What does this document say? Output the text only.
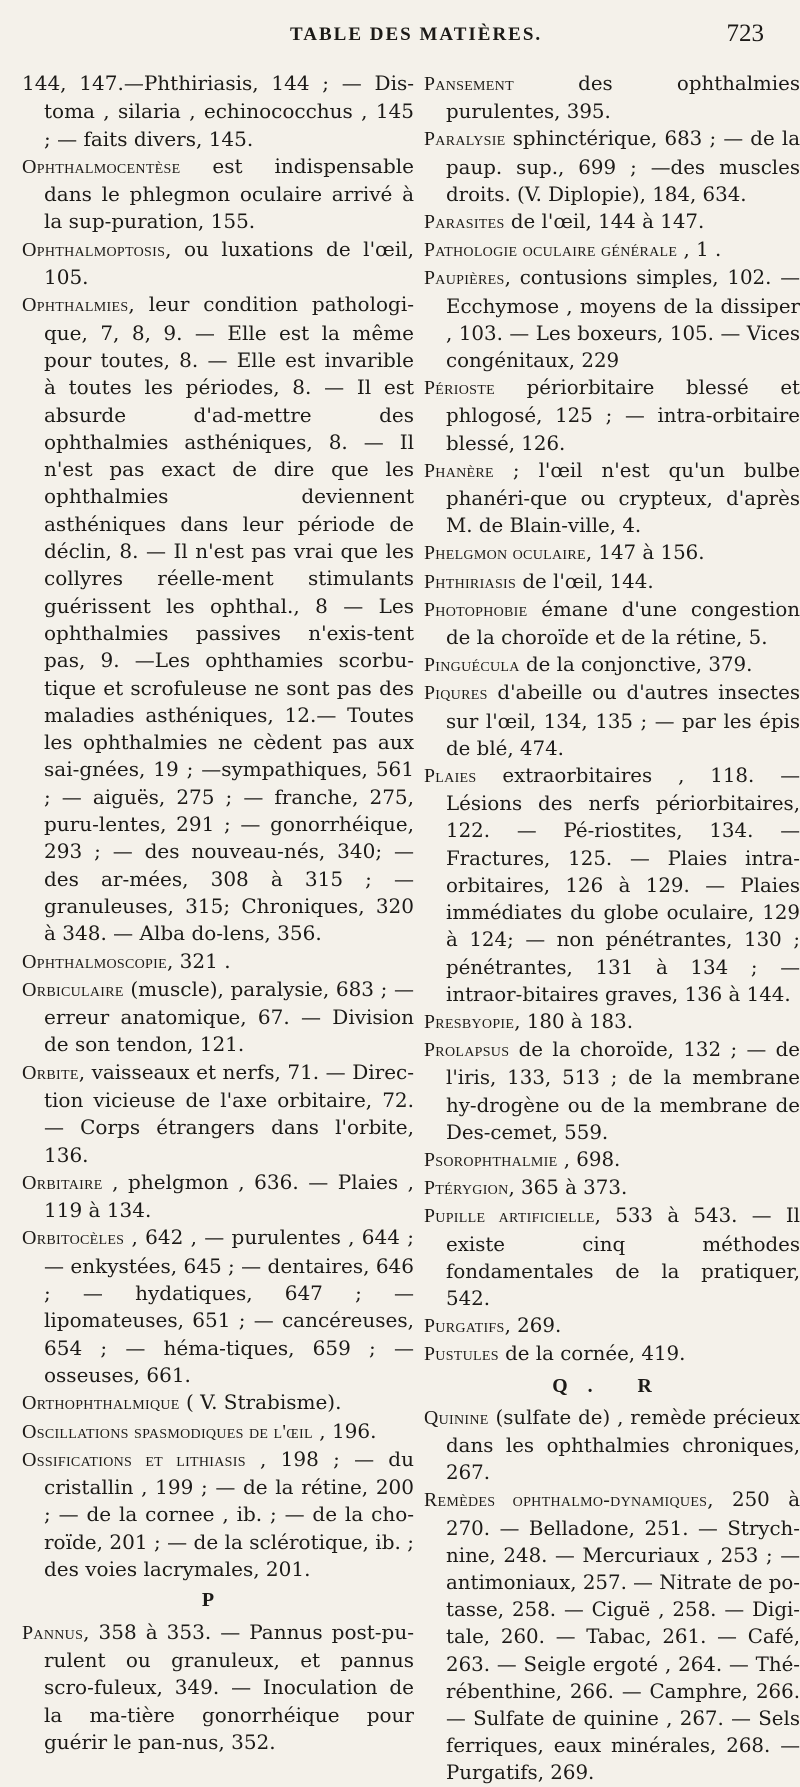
TABLE DES MATIÈRES.	723

144, 147.—Phthiriasis, 144 ; — Dis-toma , silaria , echinococchus , 145 ; — faits divers, 145.

Ophthalmocentèse est indispensable dans le phlegmon oculaire arrivé à la sup-puration, 155.

Ophthalmoptosis, ou luxations de l'œil, 105.

Ophthalmies, leur condition pathologi-que, 7, 8, 9. — Elle est la même pour toutes, 8. — Elle est invarible à toutes les périodes, 8. — Il est absurde d'ad-mettre des ophthalmies asthéniques, 8. — Il n'est pas exact de dire que les ophthalmies deviennent asthéniques dans leur période de déclin, 8. — Il n'est pas vrai que les collyres réelle-ment stimulants guérissent les ophthal., 8 — Les ophthalmies passives n'exis-tent pas, 9. —Les ophthamies scorbu-tique et scrofuleuse ne sont pas des maladies asthéniques, 12.— Toutes les ophthalmies ne cèdent pas aux sai-gnées, 19 ; —sympathiques, 561 ; — aiguës, 275 ; — franche, 275, puru-lentes, 291 ; — gonorrhéique, 293 ; — des nouveau-nés, 340; — des ar-mées, 308 à 315 ; —granuleuses, 315; Chroniques, 320 à 348. — Alba do-lens, 356.

Ophthalmoscopie, 321 .

Orbiculaire (muscle), paralysie, 683 ; — erreur anatomique, 67. — Division de son tendon, 121.

Orbite, vaisseaux et nerfs, 71. — Direc-tion vicieuse de l'axe orbitaire, 72.— Corps étrangers dans l'orbite, 136.

Orbitaire , phelgmon , 636. — Plaies , 119 à 134.

Orbitocèles , 642 , — purulentes , 644 ; — enkystées, 645 ; — dentaires, 646 ; — hydatiques, 647 ; — lipomateuses, 651 ; — cancéreuses, 654 ; — héma-tiques, 659 ; — osseuses, 661.

Orthophthalmique ( V. Strabisme).

Oscillations spasmodiques de l'œil , 196.

Ossifications et lithiasis , 198 ; — du cristallin , 199 ; — de la rétine, 200 ; — de la cornee , ib. ; — de la cho-roïde, 201 ; — de la sclérotique, ib. ; des voies lacrymales, 201.

P

Pannus, 358 à 353. — Pannus post-pu-rulent ou granuleux, et pannus scro-fuleux, 349. — Inoculation de la ma-tière gonorrhéique pour guérir le pan-nus, 352.

Pansement des ophthalmies purulentes, 395.

Paralysie sphinctérique, 683 ; — de la paup. sup., 699 ; —des muscles droits. (V. Diplopie), 184, 634.

Parasites de l'œil, 144 à 147.

Pathologie oculaire générale , 1 .

Paupières, contusions simples, 102. — Ecchymose , moyens de la dissiper , 103. — Les boxeurs, 105. — Vices congénitaux, 229

Périoste périorbitaire blessé et phlogosé, 125 ; — intra-orbitaire blessé, 126.

Phanère ; l'œil n'est qu'un bulbe phanéri-que ou crypteux, d'après M. de Blain-ville, 4.

Phelgmon oculaire, 147 à 156.

Phthiriasis de l'œil, 144.

Photophobie émane d'une congestion de la choroïde et de la rétine, 5.

Pinguécula de la conjonctive, 379.

Piqures d'abeille ou d'autres insectes sur l'œil, 134, 135 ; — par les épis de blé, 474.

Plaies extraorbitaires , 118. — Lésions des nerfs périorbitaires, 122. — Pé-riostites, 134. — Fractures, 125. — Plaies intra-orbitaires, 126 à 129. — Plaies immédiates du globe oculaire, 129 à 124; — non pénétrantes, 130 ; pénétrantes, 131 à 134 ; — intraor-bitaires graves, 136 à 144.

Presbyopie, 180 à 183.

Prolapsus de la choroïde, 132 ; — de l'iris, 133, 513 ; de la membrane hy-drogène ou de la membrane de Des-cemet, 559.

Psorophthalmie , 698.

Ptérygion, 365 à 373.

Pupille artificielle, 533 à 543. — Il existe cinq méthodes fondamentales de la pratiquer, 542.

Purgatifs, 269.

Pustules de la cornée, 419.

Q. R

Quinine (sulfate de) , remède précieux dans les ophthalmies chroniques, 267.

Remèdes ophthalmo-dynamiques, 250 à 270. — Belladone, 251. — Strych-nine, 248. — Mercuriaux , 253 ; — antimoniaux, 257. — Nitrate de po-tasse, 258. — Ciguë , 258. — Digi-tale, 260. — Tabac, 261. — Café, 263. — Seigle ergoté , 264. — Thé-rébenthine, 266. — Camphre, 266. — Sulfate de quinine , 267. — Sels ferriques, eaux minérales, 268. — Purgatifs, 269.
